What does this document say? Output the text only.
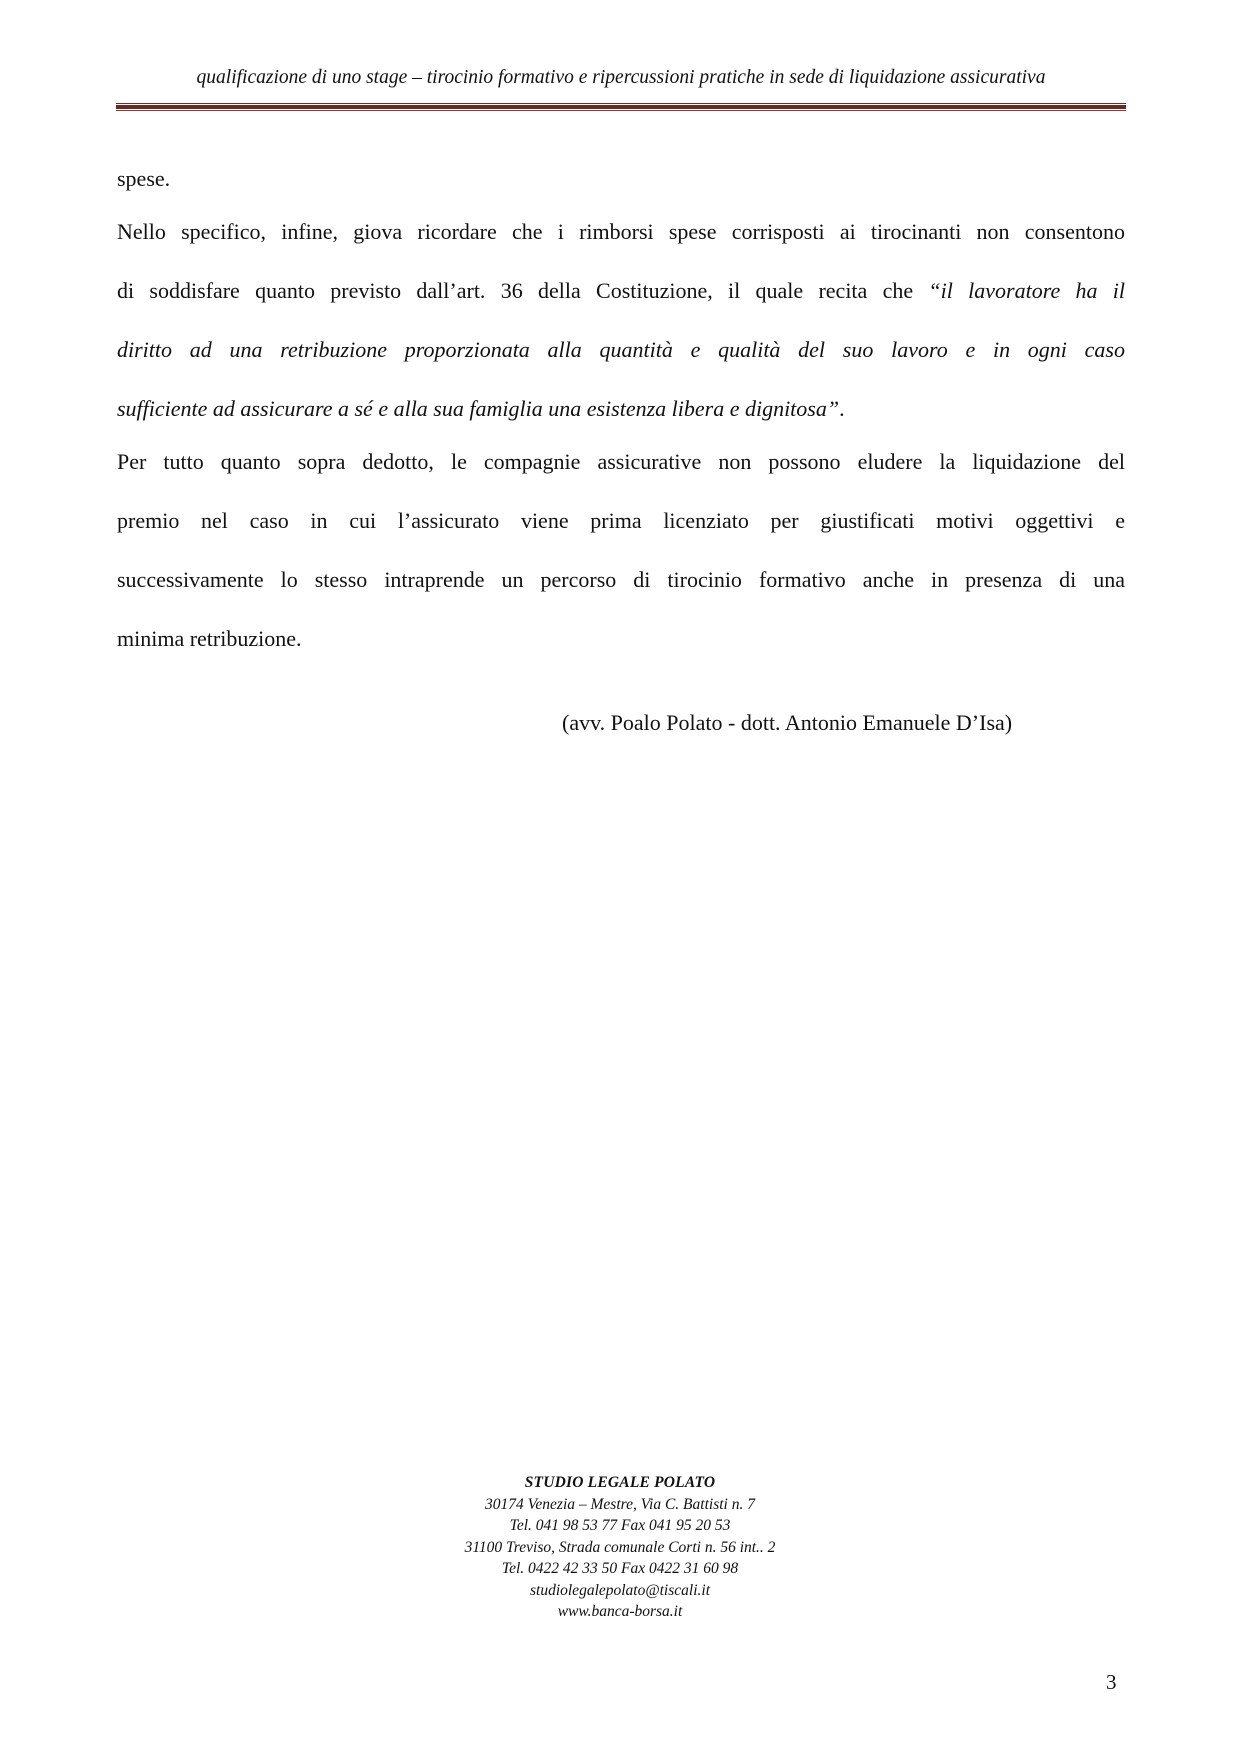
qualificazione di uno stage – tirocinio formativo e ripercussioni pratiche in sede di liquidazione assicurativa
spese.
Nello specifico, infine, giova ricordare che i rimborsi spese corrisposti ai tirocinanti non consentono
di soddisfare quanto previsto dall’art. 36 della Costituzione, il quale recita che “il lavoratore ha il
diritto ad una retribuzione proporzionata alla quantità e qualità del suo lavoro e in ogni caso
sufficiente ad assicurare a sé e alla sua famiglia una esistenza libera e dignitosa”.
Per tutto quanto sopra dedotto, le compagnie assicurative non possono eludere la liquidazione del
premio nel caso in cui l’assicurato viene prima licenziato per giustificati motivi oggettivi e
successivamente lo stesso intraprende un percorso di tirocinio formativo anche in presenza di una
minima retribuzione.
(avv. Poalo Polato - dott. Antonio Emanuele D’Isa)
STUDIO LEGALE POLATO
30174 Venezia – Mestre, Via C. Battisti n. 7
Tel. 041 98 53 77 Fax 041 95 20 53
31100 Treviso, Strada comunale Corti n. 56 int.. 2
Tel. 0422 42 33 50 Fax 0422 31 60 98
studiolegalepolato@tiscali.it
www.banca-borsa.it
3
